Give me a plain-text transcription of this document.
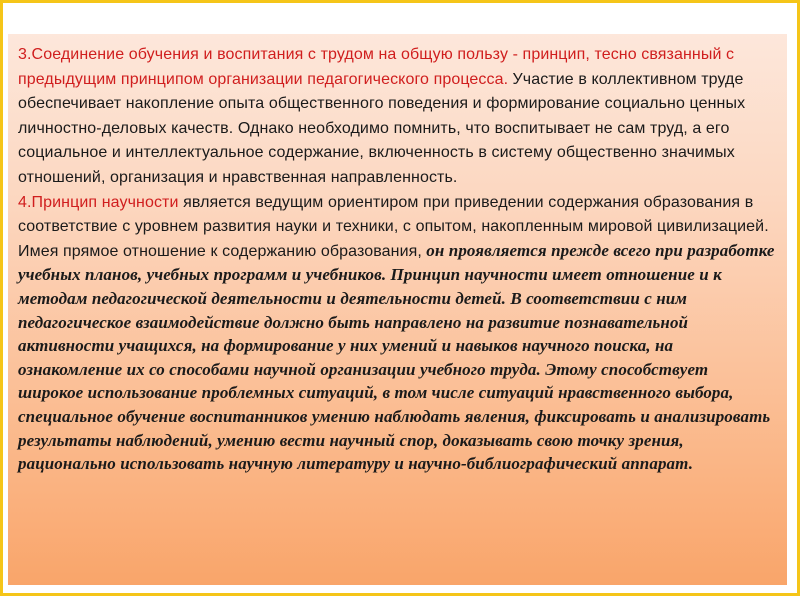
3.Соединение обучения и воспитания с трудом на общую пользу - принцип, тесно связанный с предыдущим принципом организации педагогического процесса. Участие в коллективном труде обеспечивает накопление опыта общественного поведения и формирование социально ценных личностно-деловых качеств. Однако необходимо помнить, что воспитывает не сам труд, а его социальное и интеллектуальное содержание, включенность в систему общественно значимых отношений, организация и нравственная направленность.

4.Принцип научности является ведущим ориентиром при приведении содержания образования в соответствие с уровнем развития науки и техники, с опытом, накопленным мировой цивилизацией. Имея прямое отношение к содержанию образования, он проявляется прежде всего при разработке учебных планов, учебных программ и учебников. Принцип научности имеет отношение и к методам педагогической деятельности и деятельности детей. В соответствии с ним педагогическое взаимодействие должно быть направлено на развитие познавательной активности учащихся, на формирование у них умений и навыков научного поиска, на ознакомление их со способами научной организации учебного труда. Этому способствует широкое использование проблемных ситуаций, в том числе ситуаций нравственного выбора, специальное обучение воспитанников умению наблюдать явления, фиксировать и анализировать результаты наблюдений, умению вести научный спор, доказывать свою точку зрения, рационально использовать научную литературу и научно-библиографический аппарат.
